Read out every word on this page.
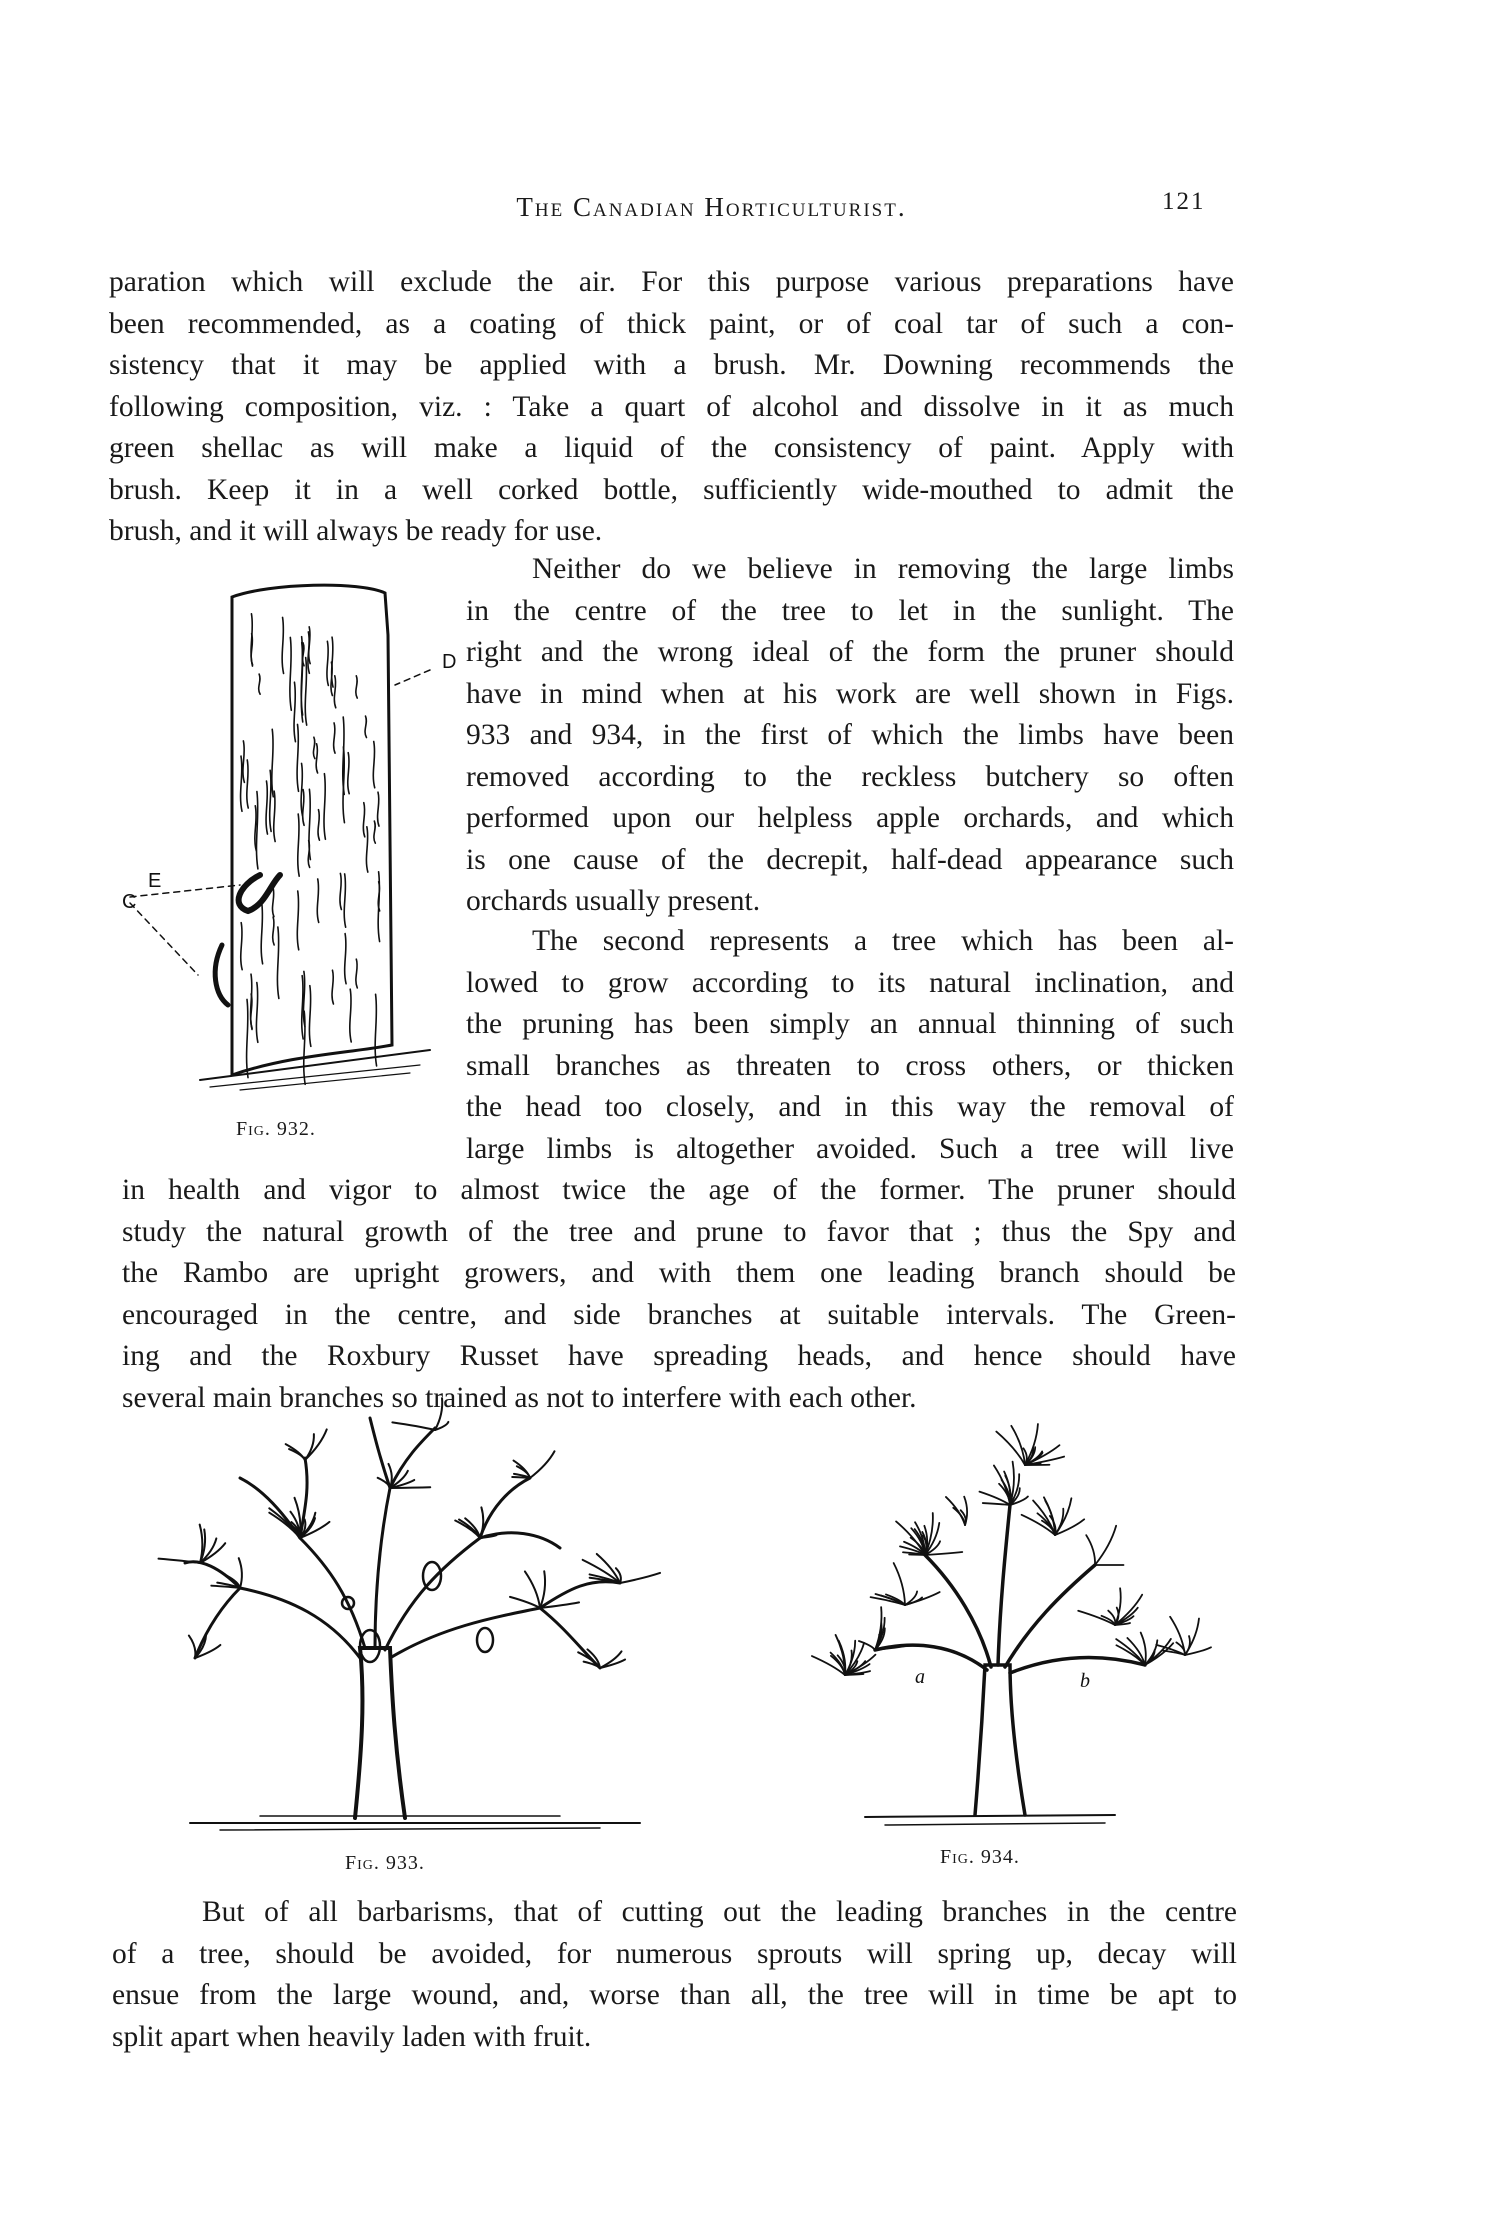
The Canadian Horticulturist.	121
paration which will exclude the air. For this purpose various preparations have
been recommended, as a coating of thick paint, or of coal tar of such a con-
sistency that it may be applied with a brush. Mr. Downing recommends the
following composition, viz. : Take a quart of alcohol and dissolve in it as much
green shellac as will make a liquid of the consistency of paint. Apply with
brush. Keep it in a well corked bottle, sufficiently wide-mouthed to admit the
brush, and it will always be ready for use.
Neither do we believe in removing the large limbs
in the centre of the tree to let in the sunlight. The
right and the wrong ideal of the form the pruner should
have in mind when at his work are well shown in Figs.
933 and 934, in the first of which the limbs have been
removed according to the reckless butchery so often
performed upon our helpless apple orchards, and which
is one cause of the decrepit, half-dead appearance such
orchards usually present.
The second represents a tree which has been al-
lowed to grow according to its natural inclination, and
the pruning has been simply an annual thinning of such
small branches as threaten to cross others, or thicken
the head too closely, and in this way the removal of
large limbs is altogether avoided. Such a tree will live
in health and vigor to almost twice the age of the former. The pruner should
study the natural growth of the tree and prune to favor that ; thus the Spy and
the Rambo are upright growers, and with them one leading branch should be
encouraged in the centre, and side branches at suitable intervals. The Green-
ing and the Roxbury Russet have spreading heads, and hence should have
several main branches so trained as not to interfere with each other.
D
E
C
Fig. 932.
Fig. 933.
a	b
Fig. 934.
But of all barbarisms, that of cutting out the leading branches in the centre
of a tree, should be avoided, for numerous sprouts will spring up, decay will
ensue from the large wound, and, worse than all, the tree will in time be apt to
split apart when heavily laden with fruit.
